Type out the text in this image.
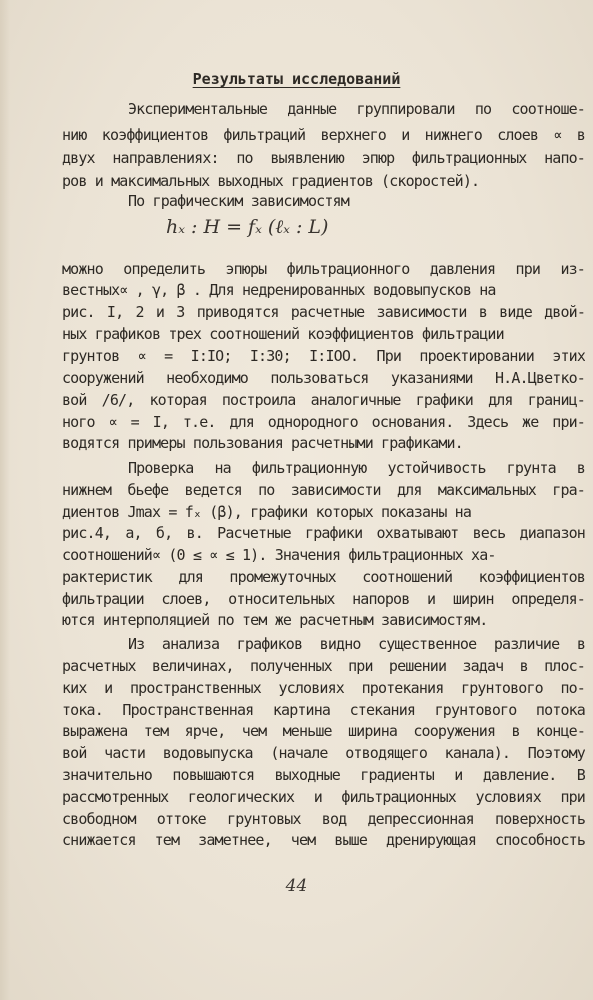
Результаты исследований
Экспериментальные данные группировали по соотноше-
нию коэффициентов фильтраций верхнего и нижнего слоев ∝ в
двух направлениях: по выявлению эпюр фильтрационных напо-
ров и максимальных выходных градиентов (скоростей).
По графическим зависимостям
hₓ : H = fₓ (ℓₓ : L)
можно определить эпюры фильтрационного давления при из-
вестных∝ , γ, β . Для недренированных водовыпусков на
рис. I, 2 и 3 приводятся расчетные зависимости в виде двой-
ных графиков трех соотношений коэффициентов фильтрации
грунтов ∝ = I:IO; I:30; I:IOO. При проектировании этих
сооружений необходимо пользоваться указаниями Н.А.Цветко-
вой /6/, которая построила аналогичные графики для границ-
ного ∝ = I, т.е. для однородного основания. Здесь же при-
водятся примеры пользования расчетными графиками.
Проверка на фильтрационную устойчивость грунта в
нижнем бьефе ведется по зависимости для максимальных гра-
диентов Jmax = fₓ (β), графики которых показаны на
рис.4, а, б, в. Расчетные графики охватывают весь диапазон
соотношений∝ (0 ≤ ∝ ≤ 1). Значения фильтрационных ха-
рактеристик для промежуточных соотношений коэффициентов
фильтрации слоев, относительных напоров и ширин определя-
ются интерполяцией по тем же расчетным зависимостям.
Из анализа графиков видно существенное различие в
расчетных величинах, полученных при решении задач в плос-
ких и пространственных условиях протекания грунтового по-
тока. Пространственная картина стекания грунтового потока
выражена тем ярче, чем меньше ширина сооружения в конце-
вой части водовыпуска (начале отводящего канала). Поэтому
значительно повышаются выходные градиенты и давление. В
рассмотренных геологических и фильтрационных условиях при
свободном оттоке грунтовых вод депрессионная поверхность
снижается тем заметнее, чем выше дренирующая способность
44
